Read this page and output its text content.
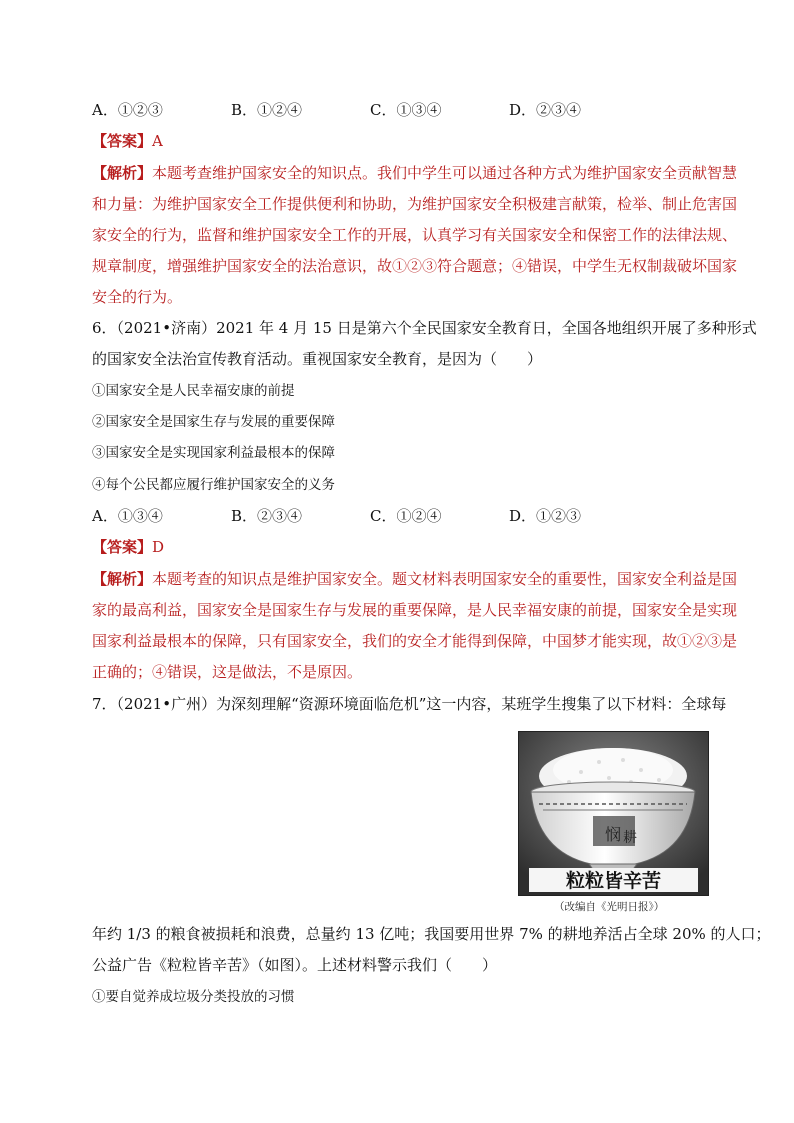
A．①②③	B．①②④	C．①③④	D．②③④
【答案】A
【解析】本题考查维护国家安全的知识点。我们中学生可以通过各种方式为维护国家安全贡献智慧
和力量：为维护国家安全工作提供便利和协助，为维护国家安全积极建言献策，检举、制止危害国
家安全的行为，监督和维护国家安全工作的开展，认真学习有关国家安全和保密工作的法律法规、
规章制度，增强维护国家安全的法治意识，故①②③符合题意；④错误，中学生无权制裁破坏国家
安全的行为。
6．（2021•济南）2021 年 4 月 15 日是第六个全民国家安全教育日，全国各地组织开展了多种形式
的国家安全法治宣传教育活动。重视国家安全教育，是因为（　　）
①国家安全是人民幸福安康的前提
②国家安全是国家生存与发展的重要保障
③国家安全是实现国家利益最根本的保障
④每个公民都应履行维护国家安全的义务
A．①③④	B．②③④	C．①②④	D．①②③
【答案】D
【解析】本题考查的知识点是维护国家安全。题文材料表明国家安全的重要性，国家安全利益是国
家的最高利益，国家安全是国家生存与发展的重要保障，是人民幸福安康的前提，国家安全是实现
国家利益最根本的保障，只有国家安全，我们的安全才能得到保障，中国梦才能实现，故①②③是
正确的；④错误，这是做法，不是原因。
7．（2021•广州）为深刻理解“资源环境面临危机”这一内容，某班学生搜集了以下材料：全球每
悯 耕
粒粒皆辛苦
（改编自《光明日报》）
年约 1/3 的粮食被损耗和浪费，总量约 13 亿吨；我国要用世界 7% 的耕地养活占全球 20% 的人口；
公益广告《粒粒皆辛苦》（如图）。上述材料警示我们（　　）
①要自觉养成垃圾分类投放的习惯
